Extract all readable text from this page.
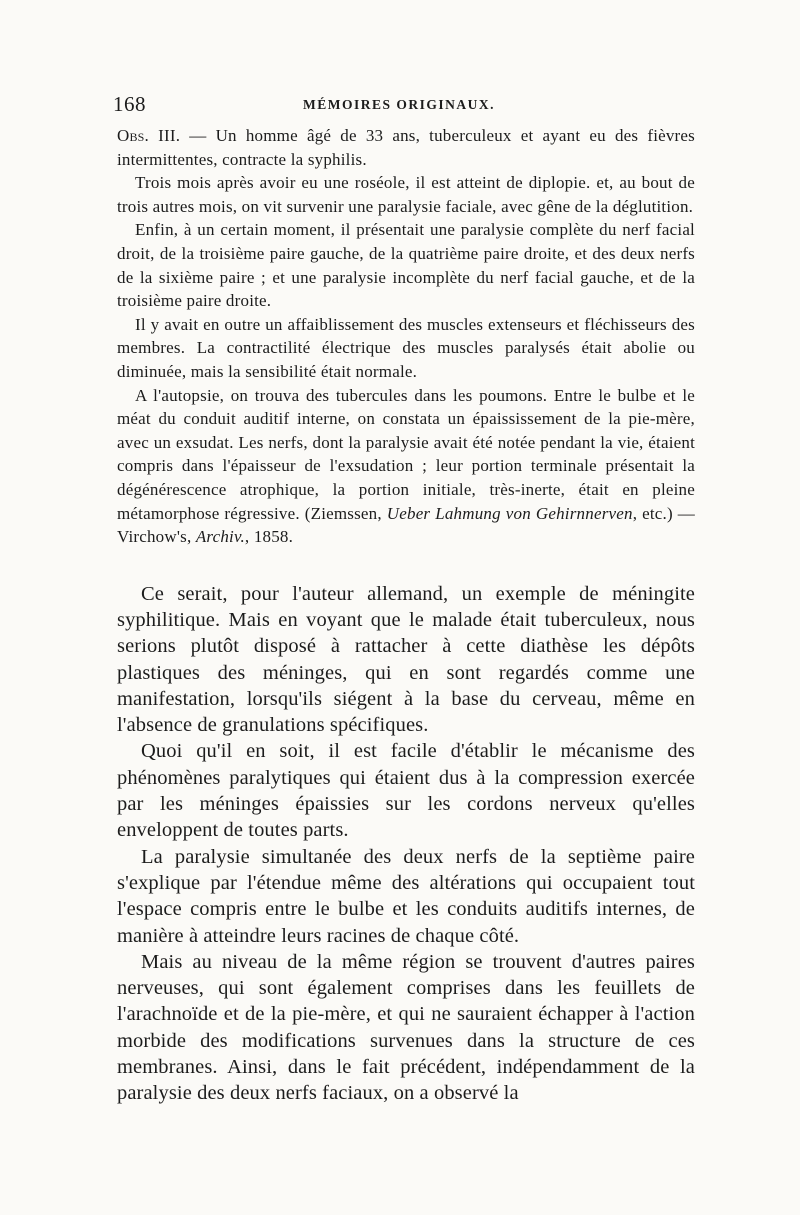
168	MÉMOIRES ORIGINAUX.

Obs. III. — Un homme âgé de 33 ans, tuberculeux et ayant eu des fièvres intermittentes, contracte la syphilis.

Trois mois après avoir eu une roséole, il est atteint de diplopie. et, au bout de trois autres mois, on vit survenir une paralysie faciale, avec gêne de la déglutition.

Enfin, à un certain moment, il présentait une paralysie complète du nerf facial droit, de la troisième paire gauche, de la quatrième paire droite, et des deux nerfs de la sixième paire ; et une paralysie incomplète du nerf facial gauche, et de la troisième paire droite.

Il y avait en outre un affaiblissement des muscles extenseurs et fléchisseurs des membres. La contractilité électrique des muscles paralysés était abolie ou diminuée, mais la sensibilité était normale.

A l'autopsie, on trouva des tubercules dans les poumons. Entre le bulbe et le méat du conduit auditif interne, on constata un épaississement de la pie-mère, avec un exsudat. Les nerfs, dont la paralysie avait été notée pendant la vie, étaient compris dans l'épaisseur de l'exsudation ; leur portion terminale présentait la dégénérescence atrophique, la portion initiale, très-inerte, était en pleine métamorphose régressive. (Ziemssen, Ueber Lahmung von Gehirnnerven, etc.) — Virchow's, Archiv., 1858.

Ce serait, pour l'auteur allemand, un exemple de méningite syphilitique. Mais en voyant que le malade était tuberculeux, nous serions plutôt disposé à rattacher à cette diathèse les dépôts plastiques des méninges, qui en sont regardés comme une manifestation, lorsqu'ils siégent à la base du cerveau, même en l'absence de granulations spécifiques.

Quoi qu'il en soit, il est facile d'établir le mécanisme des phénomènes paralytiques qui étaient dus à la compression exercée par les méninges épaissies sur les cordons nerveux qu'elles enveloppent de toutes parts.

La paralysie simultanée des deux nerfs de la septième paire s'explique par l'étendue même des altérations qui occupaient tout l'espace compris entre le bulbe et les conduits auditifs internes, de manière à atteindre leurs racines de chaque côté.

Mais au niveau de la même région se trouvent d'autres paires nerveuses, qui sont également comprises dans les feuillets de l'arachnoïde et de la pie-mère, et qui ne sauraient échapper à l'action morbide des modifications survenues dans la structure de ces membranes. Ainsi, dans le fait précédent, indépendamment de la paralysie des deux nerfs faciaux, on a observé la
